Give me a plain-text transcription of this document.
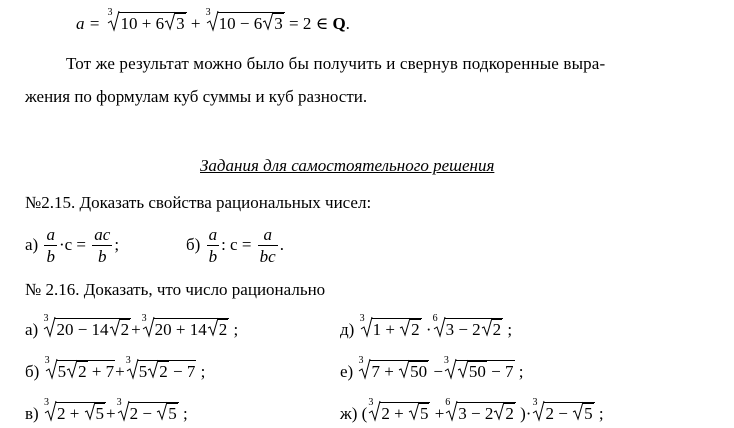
a =
3
10 + 6 3 +
3
10 − 6 3 = 2 ∈ Q.
Тот же результат можно было бы получить и свернув подкоренные выра-
жения по формулам куб суммы и куб разности.
Задания для самостоятельного решения
№2.15. Доказать свойства рациональных чисел:
$а) \frac{a}{b} \cdot c = \frac{ac}{b}$ ;	$б) \frac{a}{b}$ : $c = \frac{a}{bc}$ .
№ 2.16. Доказать, что число рационально
а)
3
20 − 14 2 +
3
20 + 14 2 ;	д)
3
1 +
2 ·
6
3 − 2 2 ;
б)
3
5 2 + 7+
3
5 2 − 7 ;	е)
3
7 +
50 −
3
50 − 7 ;
в)
3
2 +
5 +
3
2 −
5 ;	ж) (
3
2 +
5 +
6
3 − 2 2 )·
3
2 −
5 ;
